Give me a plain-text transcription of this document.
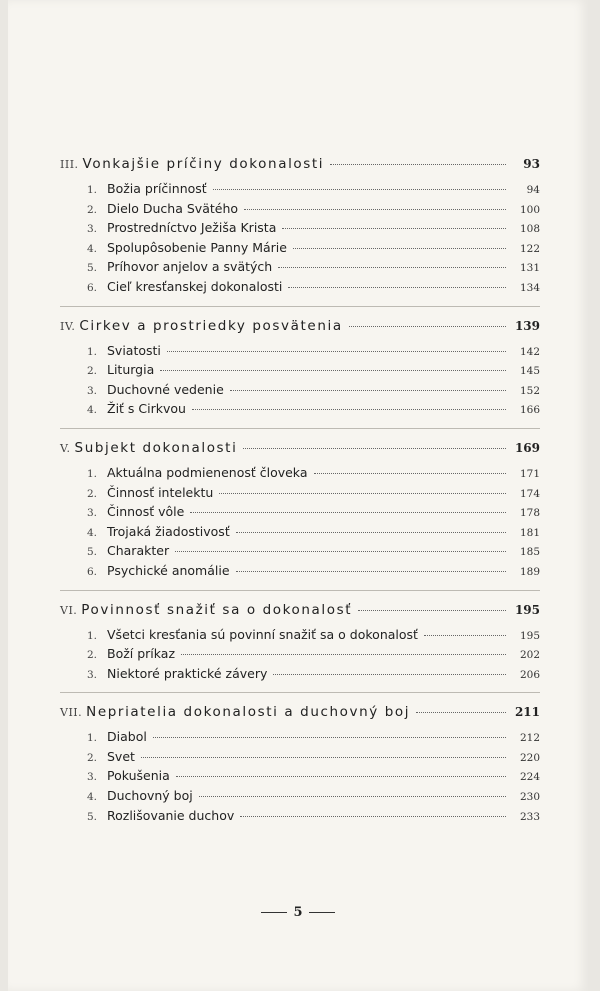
III. Vonkajšie príčiny dokonalosti	93
1. Božia príčinnosť	94
2. Dielo Ducha Svätého	100
3. Prostredníctvo Ježiša Krista	108
4. Spolupôsobenie Panny Márie	122
5. Príhovor anjelov a svätých	131
6. Cieľ kresťanskej dokonalosti	134
IV. Cirkev a prostriedky posvätenia	139
1. Sviatosti	142
2. Liturgia	145
3. Duchovné vedenie	152
4. Žiť s Cirkvou	166
V. Subjekt dokonalosti	169
1. Aktuálna podmienenosť človeka	171
2. Činnosť intelektu	174
3. Činnosť vôle	178
4. Trojaká žiadostivosť	181
5. Charakter	185
6. Psychické anomálie	189
VI. Povinnosť snažiť sa o dokonalosť	195
1. Všetci kresťania sú povinní snažiť sa o dokonalosť	195
2. Boží príkaz	202
3. Niektoré praktické závery	206
VII. Nepriatelia dokonalosti a duchovný boj	211
1. Diabol	212
2. Svet	220
3. Pokušenia	224
4. Duchovný boj	230
5. Rozlišovanie duchov	233
5
